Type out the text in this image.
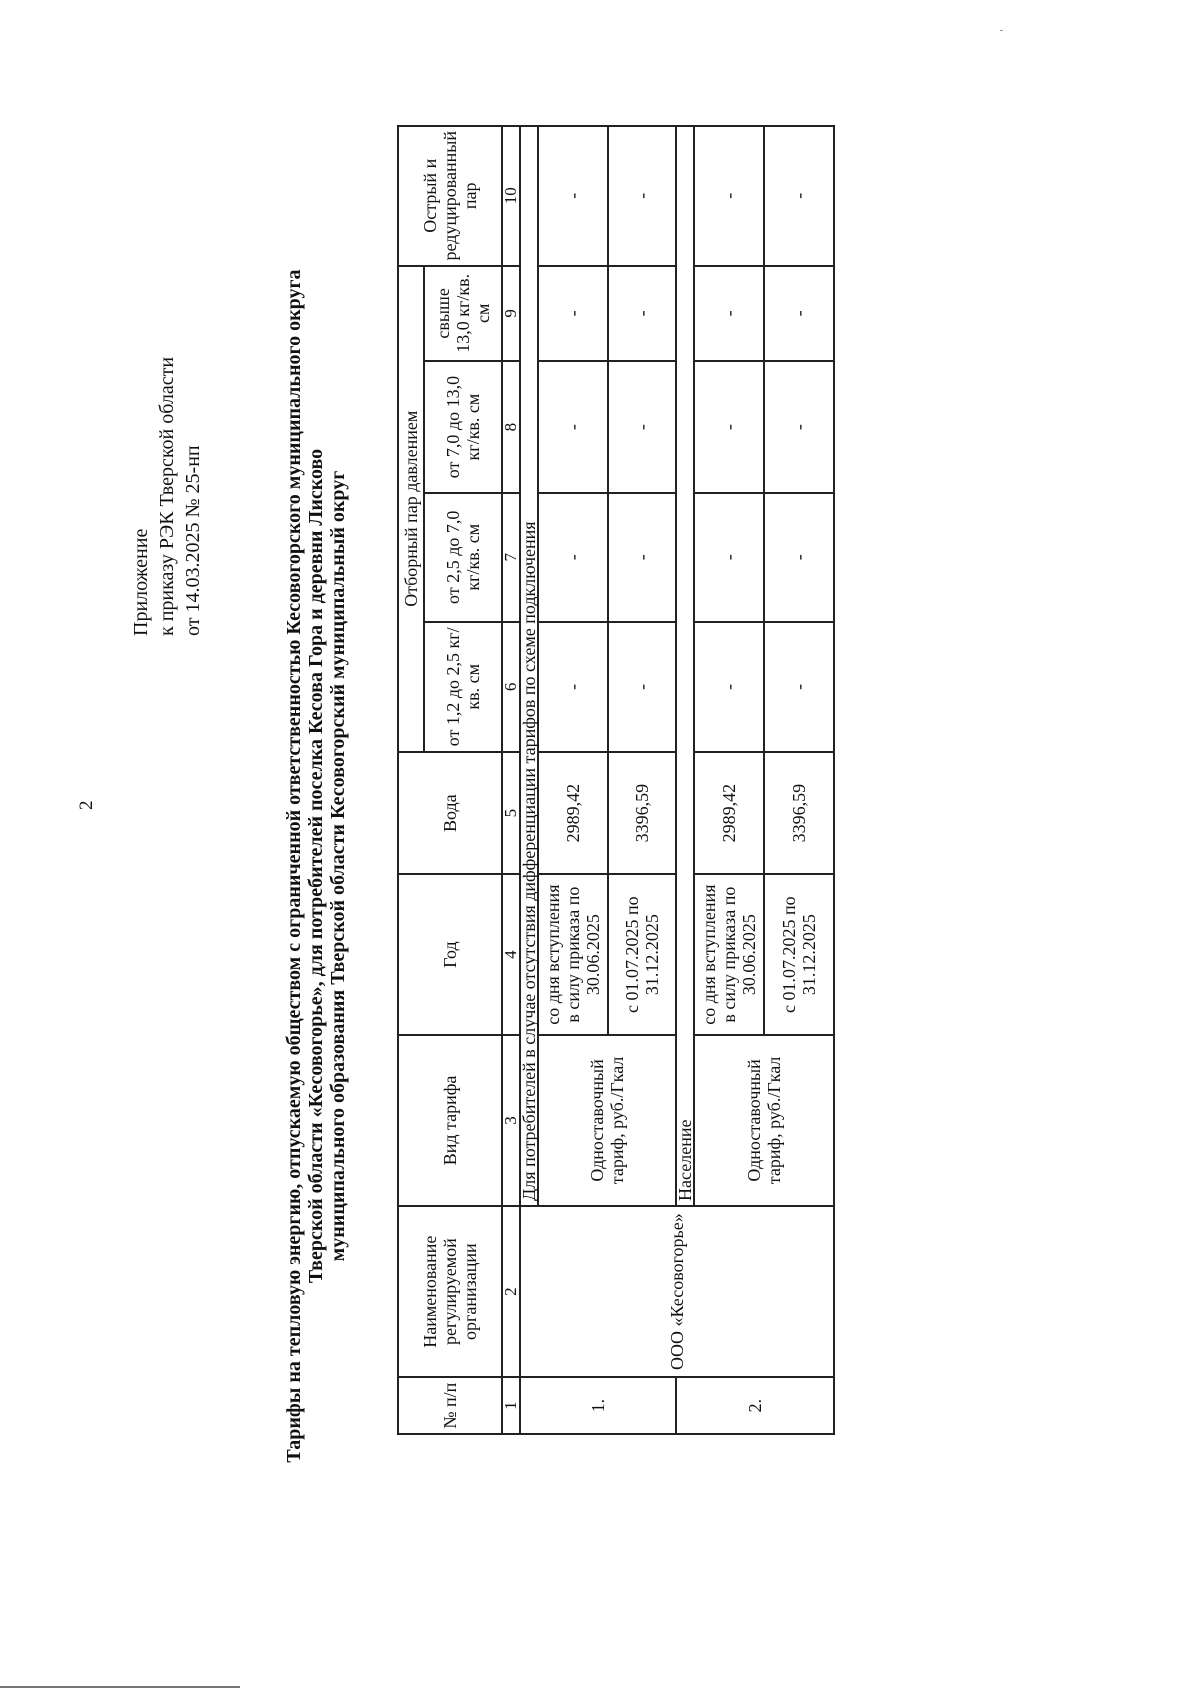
2
Приложение к приказу РЭК Тверской области от 14.03.2025 № 25-нп	Тарифы на тепловую энергию, отпускаемую обществом с ограниченной ответственностью Кесовогорского муниципального округа Тверской области «Кесовогорье», для потребителей поселка Кесова Гора и деревни Лисково муниципального образования Тверской области Кесовогорский муниципальный округ
№ п/п	Наименование регулируемой организации	Вид тарифа	Год	Вода	Отборный пар давлением				Острый и редуцированный пар
					от 1,2 до 2,5 кг/кв. см	от 2,5 до 7,0 кг/кв. см	от 7,0 до 13,0 кг/кв. см	свыше 13,0 кг/кв. см	
1	2	3	4	5	6	7	8	9	10
1.	ООО «Кесовогорье»	Для потребителей в случае отсутствия дифференциации тарифов по схеме подключения							
		Одноставочный тариф, руб./Гкал	со дня вступления в силу приказа по 30.06.2025	2989,42	-	-	-	-	-
			с 01.07.2025 по 31.12.2025	3396,59	-	-	-	-	-
2.		Население							
		Одноставочный тариф, руб./Гкал	со дня вступления в силу приказа по 30.06.2025	2989,42	-	-	-	-	-
			с 01.07.2025 по 31.12.2025	3396,59	-	-	-	-	-
